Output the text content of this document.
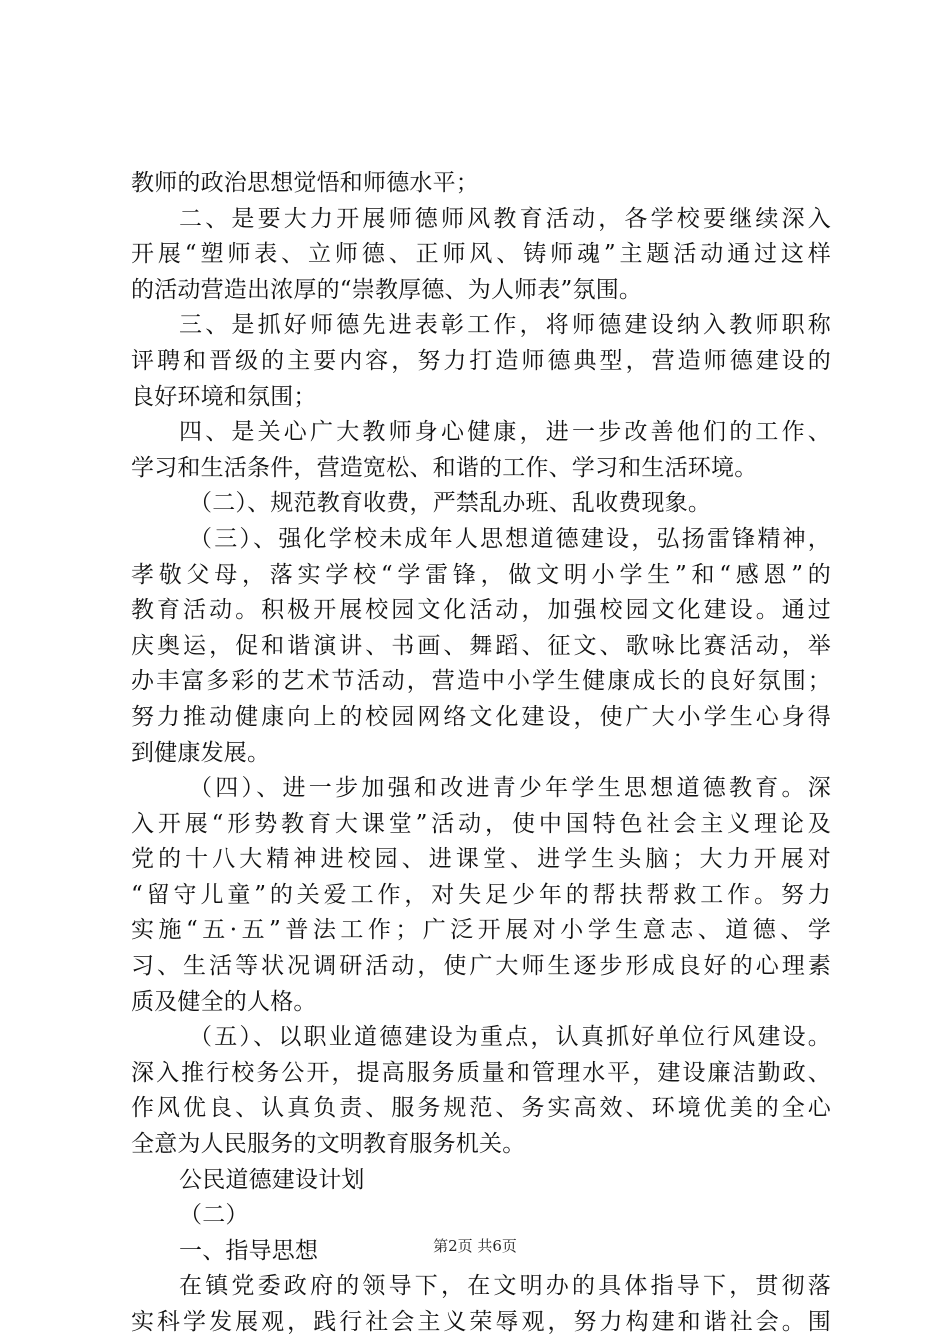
教师的政治思想觉悟和师德水平；
二、是要大力开展师德师风教育活动，各学校要继续深入
开展“塑师表、立师德、正师风、铸师魂”主题活动通过这样
的活动营造出浓厚的“崇教厚德、为人师表”氛围。
三、是抓好师德先进表彰工作，将师德建设纳入教师职称
评聘和晋级的主要内容，努力打造师德典型，营造师德建设的
良好环境和氛围；
四、是关心广大教师身心健康，进一步改善他们的工作、
学习和生活条件，营造宽松、和谐的工作、学习和生活环境。
（二）、规范教育收费，严禁乱办班、乱收费现象。
（三）、强化学校未成年人思想道德建设，弘扬雷锋精神，
孝敬父母，落实学校“学雷锋，做文明小学生”和“感恩”的
教育活动。积极开展校园文化活动，加强校园文化建设。通过
庆奥运，促和谐演讲、书画、舞蹈、征文、歌咏比赛活动，举
办丰富多彩的艺术节活动，营造中小学生健康成长的良好氛围；
努力推动健康向上的校园网络文化建设，使广大小学生心身得
到健康发展。
（四）、进一步加强和改进青少年学生思想道德教育。深
入开展“形势教育大课堂”活动，使中国特色社会主义理论及
党的十八大精神进校园、进课堂、进学生头脑；大力开展对
“留守儿童”的关爱工作，对失足少年的帮扶帮救工作。努力
实施“五·五”普法工作；广泛开展对小学生意志、道德、学
习、生活等状况调研活动，使广大师生逐步形成良好的心理素
质及健全的人格。
（五）、以职业道德建设为重点，认真抓好单位行风建设。
深入推行校务公开，提高服务质量和管理水平，建设廉洁勤政、
作风优良、认真负责、服务规范、务实高效、环境优美的全心
全意为人民服务的文明教育服务机关。
公民道德建设计划
（二）
一、指导思想
在镇党委政府的领导下，在文明办的具体指导下，贯彻落
实科学发展观，践行社会主义荣辱观，努力构建和谐社会。围
第2页 共6页
